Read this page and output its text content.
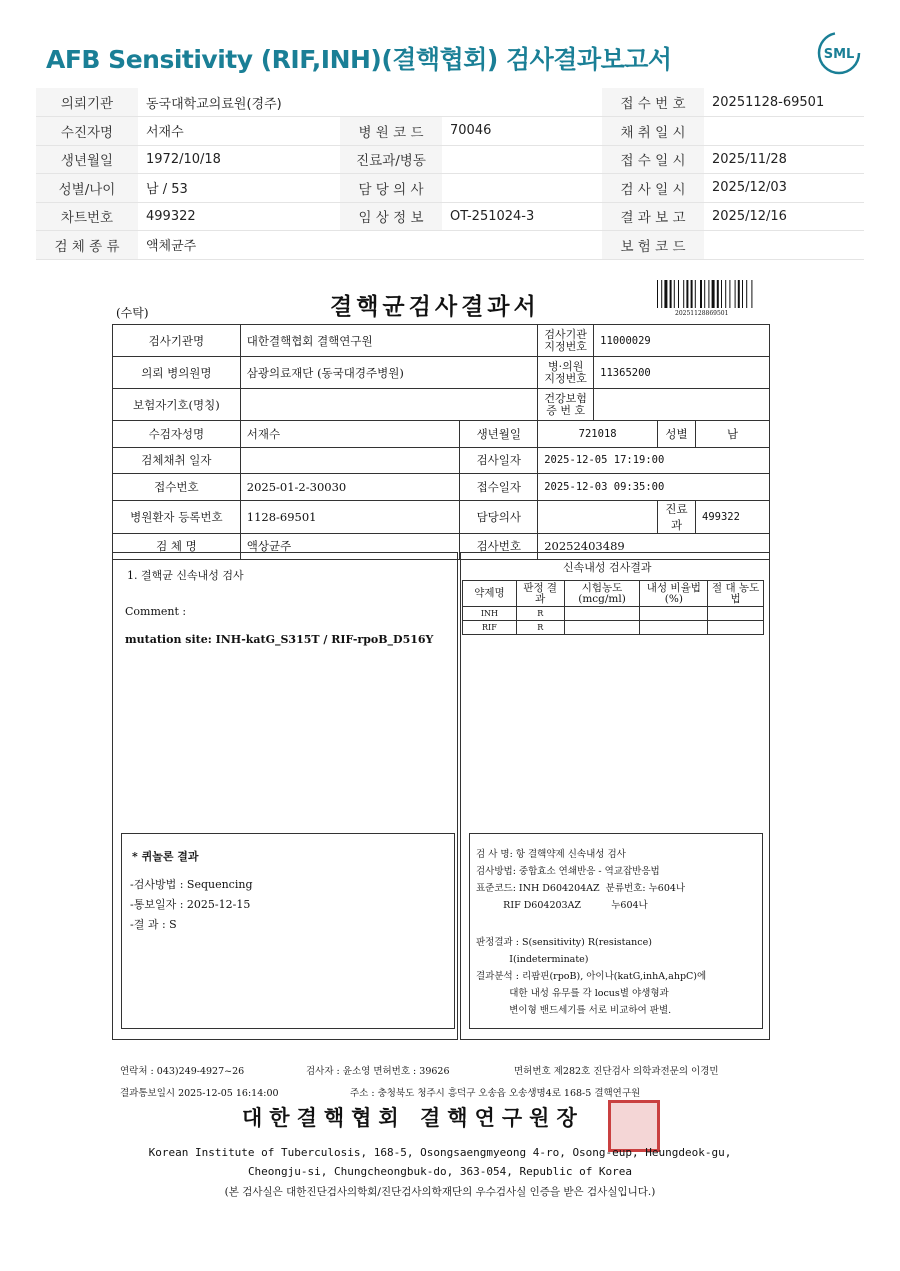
AFB Sensitivity (RIF,INH)(결핵협회) 검사결과보고서	SML
의뢰기관	동국대학교의료원(경주)			접 수 번 호	20251128-69501
수진자명	서재수	병 원 코 드	70046	채 취 일 시	
생년월일	1972/10/18	진료과/병동		접 수 일 시	2025/11/28
성별/나이	남 / 53	담 당 의 사		검 사 일 시	2025/12/03
차트번호	499322	임 상 정 보	OT-251024-3	결 과 보 고	2025/12/16
검 체 종 류	액체균주			보 험 코 드	
(수탁)	결핵균검사결과서	20251128869501
검사기관명	대한결핵협회 결핵연구원		검사기관 지정번호	11000029		
의뢰 병의원명	삼광의료재단 (동국대경주병원)		병·의원 지정번호	11365200		
보험자기호(명칭)			건강보험 증 번 호			
수검자성명	서재수	생년월일	721018		성별	남
검체채취 일자		검사일자	2025-12-05 17:19:00			
접수번호	2025-01-2-30030	접수일자	2025-12-03 09:35:00			
병원환자 등록번호	1128-69501	담당의사			진료과	499322
검 체 명	액상균주	검사번호	20252403489			
1. 결핵균 신속내성 검사
Comment :
mutation site: INH-katG_S315T / RIF-rpoB_D516Y
* 퀴놀론 결과
-검사방법 : Sequencing
-통보일자 : 2025-12-15
-결 과 : S
신속내성 검사결과
검 사 명: 항 결핵약제 신속내성 검사
검사방법: 중합효소 연쇄반응 - 역교잡반응법
표준코드: INH D604204AZ  분류번호: 누604나
RIF D604203AZ          누604나
판정결과 : S(sensitivity) R(resistance)
I(indeterminate)
결과분석 : 리팜핀(rpoB), 아이나(katG,inhA,ahpC)에
대한 내성 유무를 각 locus별 야생형과
변이형 밴드세기를 서로 비교하여 판별.
약제명	판정 결과	시험농도 (mcg/ml)	내성 비율법(%)	절 대 농도법
INH	R			
RIF	R			
연락처 : 043)249-4927~26	검사자 : 윤소영 면허번호 : 39626	면허번호 제282호 진단검사 의학과전문의 이경민
결과통보일시 2025-12-05 16:14:00	주소 : 충청북도 청주시 흥덕구 오송읍 오송생명4로 168-5 결핵연구원
대한결핵협회 결핵연구원장
Korean Institute of Tuberculosis, 168-5, Osongsaengmyeong 4-ro, Osong-eup, Heungdeok-gu,
Cheongju-si, Chungcheongbuk-do, 363-054, Republic of Korea
(본 검사실은 대한진단검사의학회/진단검사의학재단의 우수검사실 인증을 받은 검사실입니다.)
